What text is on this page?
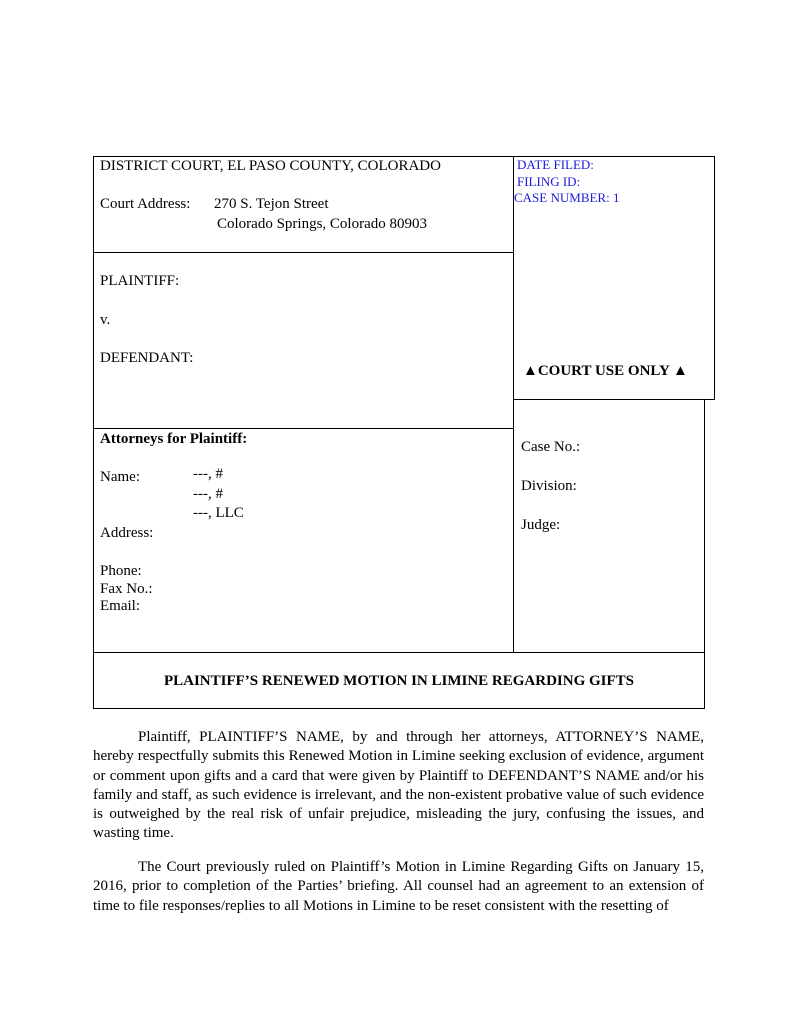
DISTRICT COURT, EL PASO COUNTY, COLORADO
Court Address: 270 S. Tejon Street
Colorado Springs, Colorado 80903
DATE FILED:
FILING ID:
CASE NUMBER: 1
PLAINTIFF:
v.
DEFENDANT:
▲COURT USE ONLY ▲
Attorneys for Plaintiff:
Name:	---, #
---, #
---, LLC
Address:
Phone:
Fax No.:
Email:
Case No.:
Division:
Judge:
PLAINTIFF’S RENEWED MOTION IN LIMINE REGARDING GIFTS

Plaintiff, PLAINTIFF’S NAME, by and through her attorneys, ATTORNEY’S NAME, hereby respectfully submits this Renewed Motion in Limine seeking exclusion of evidence, argument or comment upon gifts and a card that were given by Plaintiff to DEFENDANT’S NAME and/or his family and staff, as such evidence is irrelevant, and the non-existent probative value of such evidence is outweighed by the real risk of unfair prejudice, misleading the jury, confusing the issues, and wasting time.

The Court previously ruled on Plaintiff’s Motion in Limine Regarding Gifts on January 15, 2016, prior to completion of the Parties’ briefing. All counsel had an agreement to an extension of time to file responses/replies to all Motions in Limine to be reset consistent with the resetting of
